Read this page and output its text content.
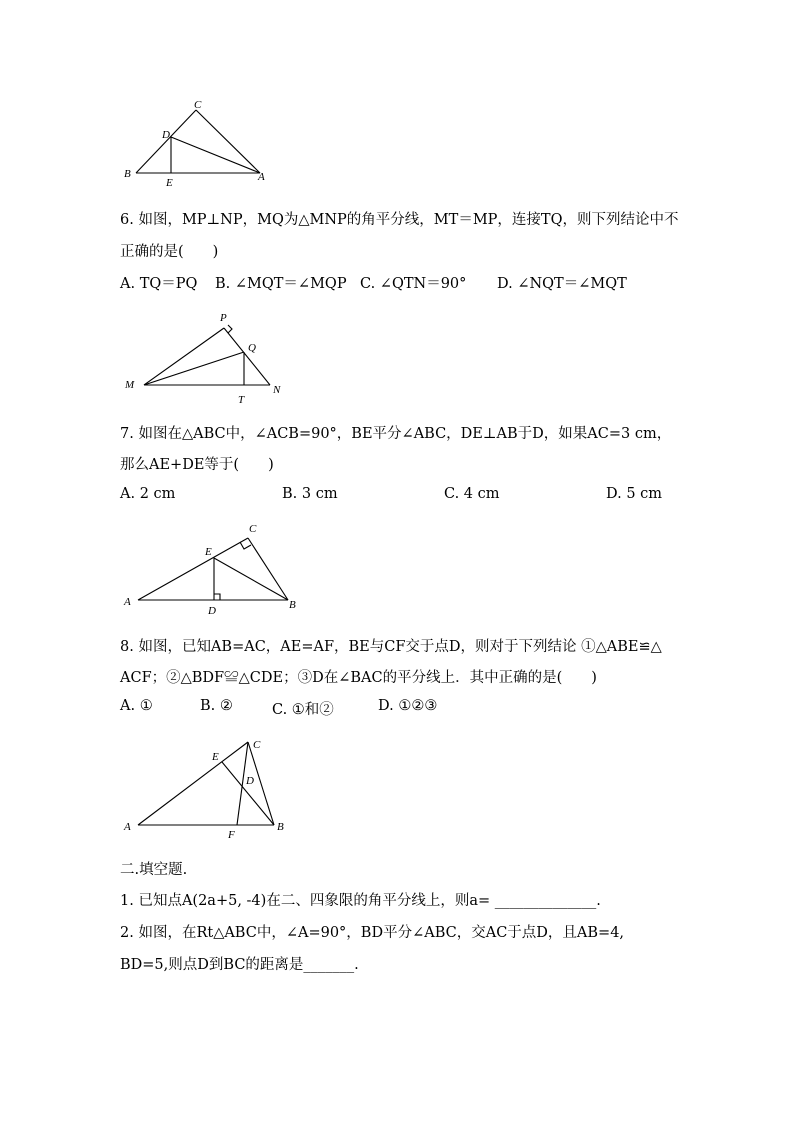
C
D
B
E	A
6. 如图，MP⊥NP，MQ为△MNP的角平分线，MT＝MP，连接TQ，则下列结论中不
正确的是(　　)
A. TQ＝PQ B. ∠MQT＝∠MQP C. ∠QTN＝90° D. ∠NQT＝∠MQT
P
Q
M
T
N
7. 如图在△ABC中，∠ACB=90°，BE平分∠ABC，DE⊥AB于D，如果AC=3 cm，
那么AE+DE等于(　　)
A. 2 cm	B. 3 cm	C. 4 cm	D. 5 cm
C
E
A
D	B
8. 如图，已知AB=AC，AE=AF，BE与CF交于点D，则对于下列结论 ①△ABE≌△
ACF；②△BDF≌△CDE；③D在∠BAC的平分线上．其中正确的是(　　)
A. ①	B. ②	C. ①和②	D. ①②③
C
E
D
A
F
B
二.填空题.
1. 已知点A(2a+5, -4)在二、四象限的角平分线上，则a= ______________.
2. 如图，在Rt△ABC中，∠A=90°，BD平分∠ABC，交AC于点D，且AB=4,
BD=5,则点D到BC的距离是_______.
